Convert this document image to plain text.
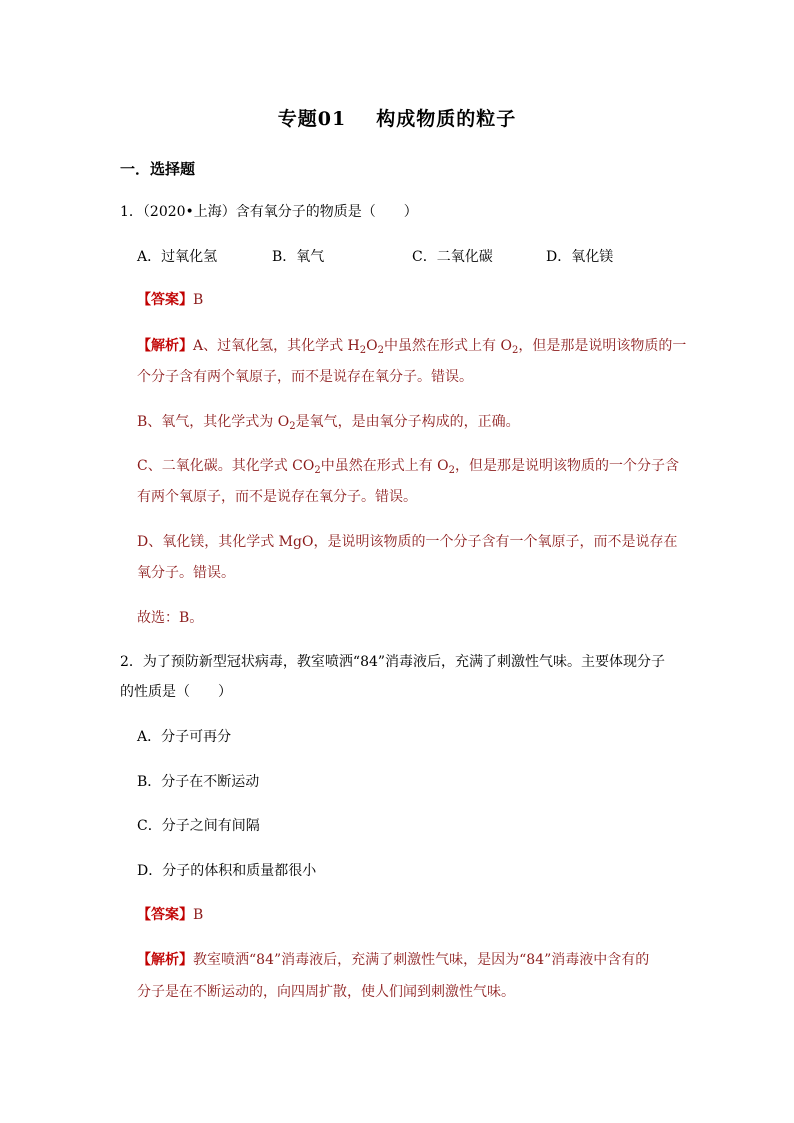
专题01 构成物质的粒子
一．选择题
1．（2020•上海）含有氧分子的物质是（　　）
A．过氧化氢	B．氧气	C．二氧化碳	D．氧化镁
【答案】B
【解析】A、过氧化氢，其化学式 $H_2O_2$中虽然在形式上有 $O_2$，但是那是说明该物质的一
个分子含有两个氧原子，而不是说存在氧分子。错误。
B、氧气，其化学式为 $O_2$是氧气，是由氧分子构成的，正确。
C、二氧化碳。其化学式 $CO_2$中虽然在形式上有 $O_2$，但是那是说明该物质的一个分子含
有两个氧原子，而不是说存在氧分子。错误。
D、氧化镁，其化学式 MgO，是说明该物质的一个分子含有一个氧原子，而不是说存在
氧分子。错误。
故选：B。
2．为了预防新型冠状病毒，教室喷洒“84”消毒液后，充满了刺激性气味。主要体现分子
的性质是（　　）
A．分子可再分
B．分子在不断运动
C．分子之间有间隔
D．分子的体积和质量都很小
【答案】B
【解析】教室喷洒“84”消毒液后，充满了刺激性气味，是因为“84”消毒液中含有的
分子是在不断运动的，向四周扩散，使人们闻到刺激性气味。
